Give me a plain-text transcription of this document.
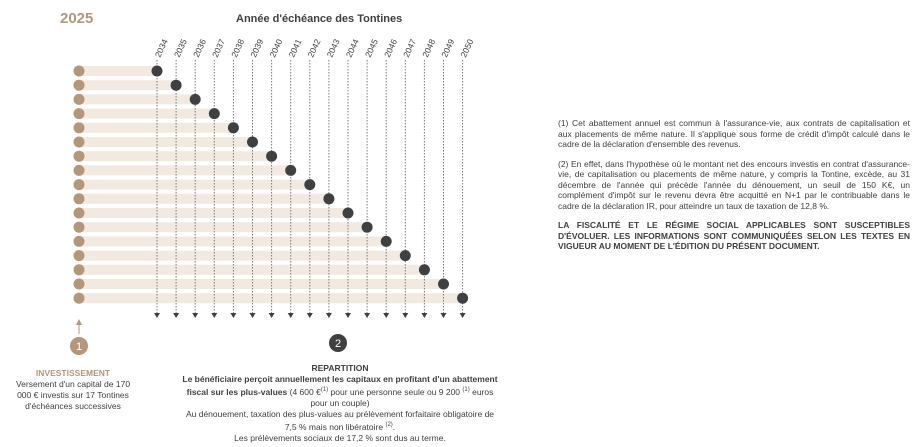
2025	Année d'échéance des Tontines
2034 2035 2036 2037 2038 2039 2040 2041 2042 2043 2044 2045 2046 2047 2048 2049 2050
1	2
INVESTISSEMENT
Versement d'un capital de 170 000 € investis sur 17 Tontines d'échéances successives
REPARTITION
Le bénéficiaire perçoit annuellement les capitaux en profitant d'un abattement fiscal sur les plus-values (4 600 €$^{(1)}$ pour une personne seule ou 9 200 $^{(1)}$ euros pour un couple)
Au dénouement, taxation des plus-values au prélèvement forfaitaire obligatoire de 7,5 % mais non libératoire $^{(2)}$.
Les prélèvements sociaux de 17,2 % sont dus au terme.

(1) Cet abattement annuel est commun à l'assurance-vie, aux contrats de capitalisation et aux placements de même nature. Il s'applique sous forme de crédit d'impôt calculé dans le cadre de la déclaration d'ensemble des revenus.

(2) En effet, dans l'hypothèse où le montant net des encours investis en contrat d'assurance-vie, de capitalisation ou placements de même nature, y compris la Tontine, excède, au 31 décembre de l'année qui précède l'année du dénouement, un seuil de 150 K€, un complément d'impôt sur le revenu devra être acquitté en N+1 par le contribuable dans le cadre de la déclaration IR, pour atteindre un taux de taxation de 12,8 %.

LA FISCALITÉ ET LE RÉGIME SOCIAL APPLICABLES SONT SUSCEPTIBLES D'ÉVOLUER. LES INFORMATIONS SONT COMMUNIQUÉES SELON LES TEXTES EN VIGUEUR AU MOMENT DE L'ÉDITION DU PRÉSENT DOCUMENT.
